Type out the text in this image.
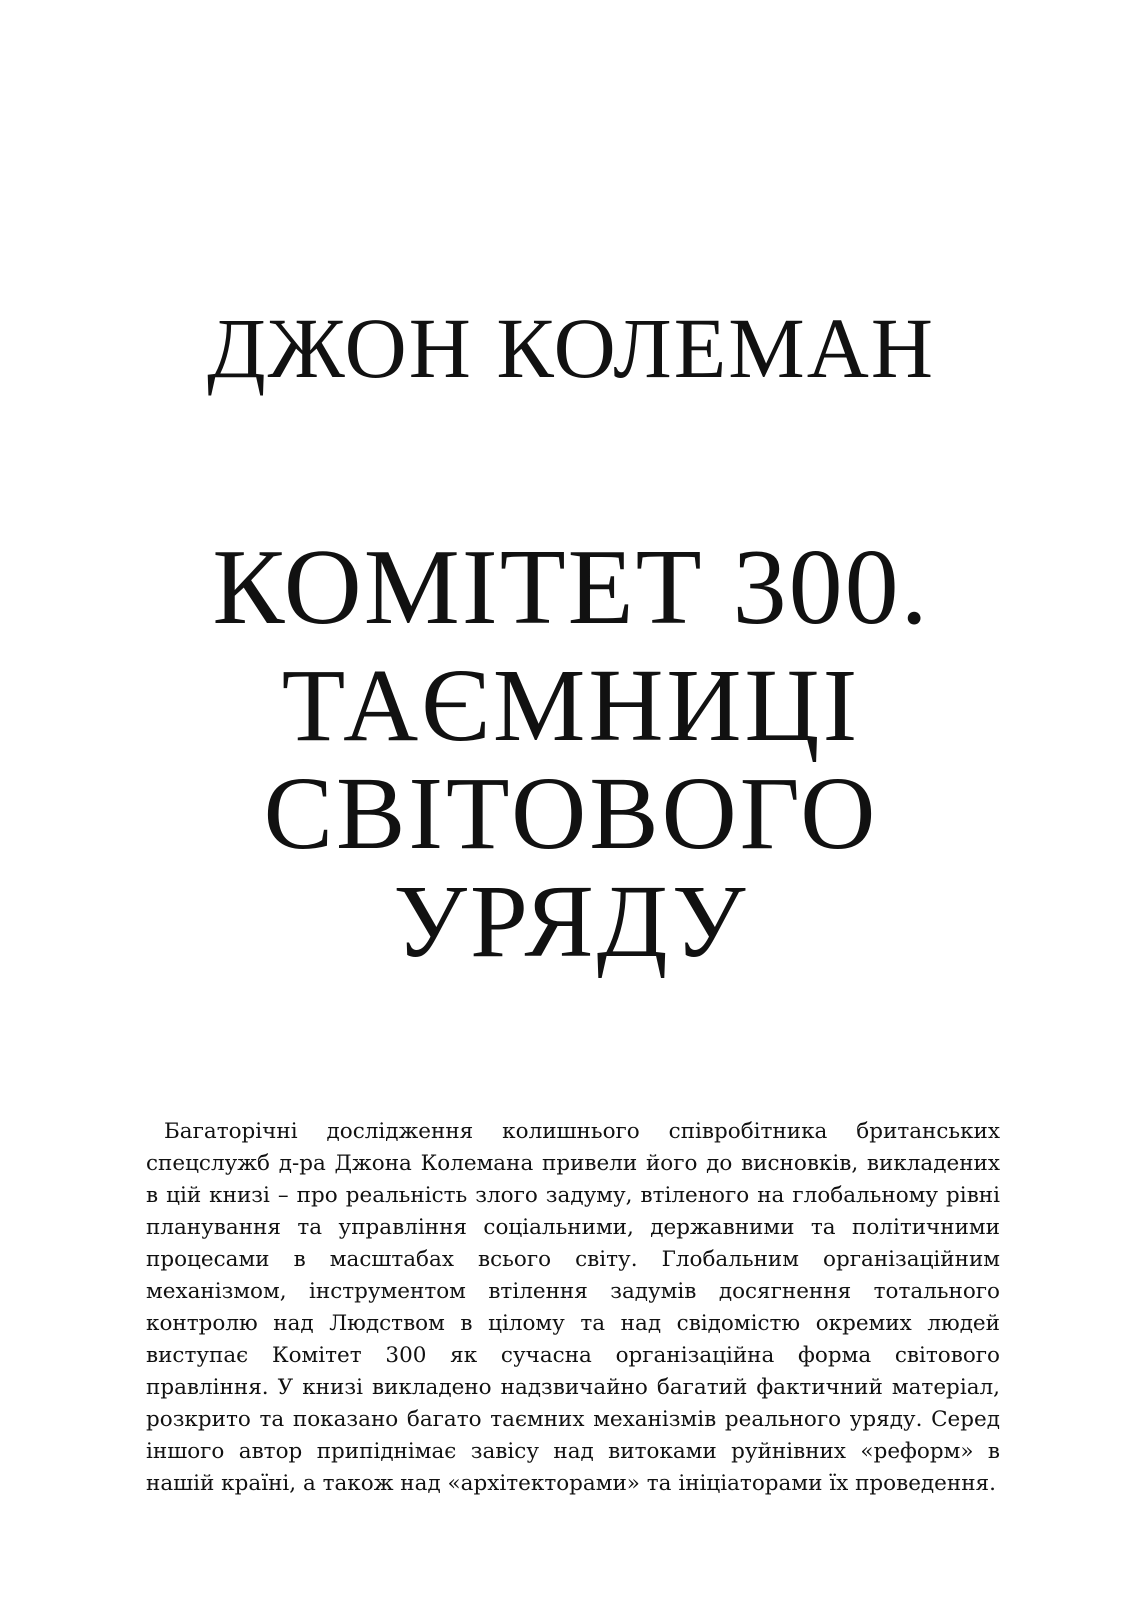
ДЖОН КОЛЕМАН
КОМІТЕТ 300.
ТАЄМНИЦІ
СВІТОВОГО
УРЯДУ

Багаторічні дослідження колишнього співробітника британських спецслужб д-ра Джона Колемана привели його до висновків, викладених в цій книзі – про реальність злого задуму, втіленого на глобальному рівні планування та управління соціальними, державними та політичними процесами в масштабах всього світу. Глобальним організаційним механізмом, інструментом втілення задумів досягнення тотального контролю над Людством в цілому та над свідомістю окремих людей виступає Комітет 300 як сучасна організаційна форма світового правління. У книзі викладено надзвичайно багатий фактичний матеріал, розкрито та показано багато таємних механізмів реального уряду. Серед іншого автор припіднімає завісу над витоками руйнівних «реформ» в нашій країні, а також над «архітекторами» та ініціаторами їх проведення.
